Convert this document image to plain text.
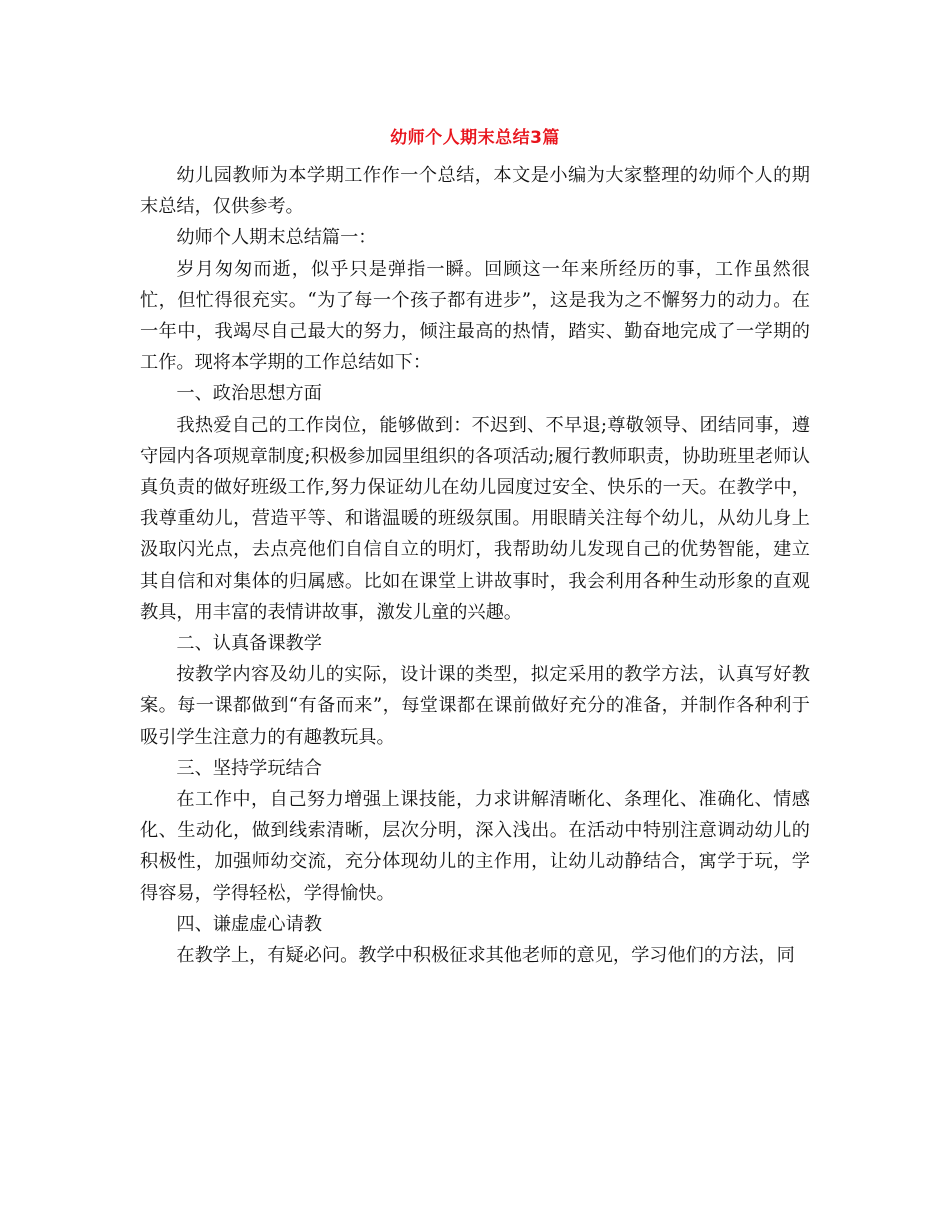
幼师个人期末总结3篇

幼儿园教师为本学期工作作一个总结，本文是小编为大家整理的幼师个人的期末总结，仅供参考。

幼师个人期末总结篇一：

岁月匆匆而逝，似乎只是弹指一瞬。回顾这一年来所经历的事，工作虽然很忙，但忙得很充实。“为了每一个孩子都有进步”，这是我为之不懈努力的动力。在一年中，我竭尽自己最大的努力，倾注最高的热情，踏实、勤奋地完成了一学期的工作。现将本学期的工作总结如下：

一、政治思想方面

我热爱自己的工作岗位，能够做到：不迟到、不早退;尊敬领导、团结同事，遵守园内各项规章制度;积极参加园里组织的各项活动;履行教师职责，协助班里老师认真负责的做好班级工作,努力保证幼儿在幼儿园度过安全、快乐的一天。在教学中，我尊重幼儿，营造平等、和谐温暖的班级氛围。用眼睛关注每个幼儿，从幼儿身上汲取闪光点，去点亮他们自信自立的明灯，我帮助幼儿发现自己的优势智能，建立其自信和对集体的归属感。比如在课堂上讲故事时，我会利用各种生动形象的直观教具，用丰富的表情讲故事，激发儿童的兴趣。

二、认真备课教学

按教学内容及幼儿的实际，设计课的类型，拟定采用的教学方法，认真写好教案。每一课都做到“有备而来”，每堂课都在课前做好充分的准备，并制作各种利于吸引学生注意力的有趣教玩具。

三、坚持学玩结合

在工作中，自己努力增强上课技能，力求讲解清晰化、条理化、准确化、情感化、生动化，做到线索清晰，层次分明，深入浅出。在活动中特别注意调动幼儿的积极性，加强师幼交流，充分体现幼儿的主作用，让幼儿动静结合，寓学于玩，学得容易，学得轻松，学得愉快。

四、谦虚虚心请教

在教学上，有疑必问。教学中积极征求其他老师的意见，学习他们的方法，同
